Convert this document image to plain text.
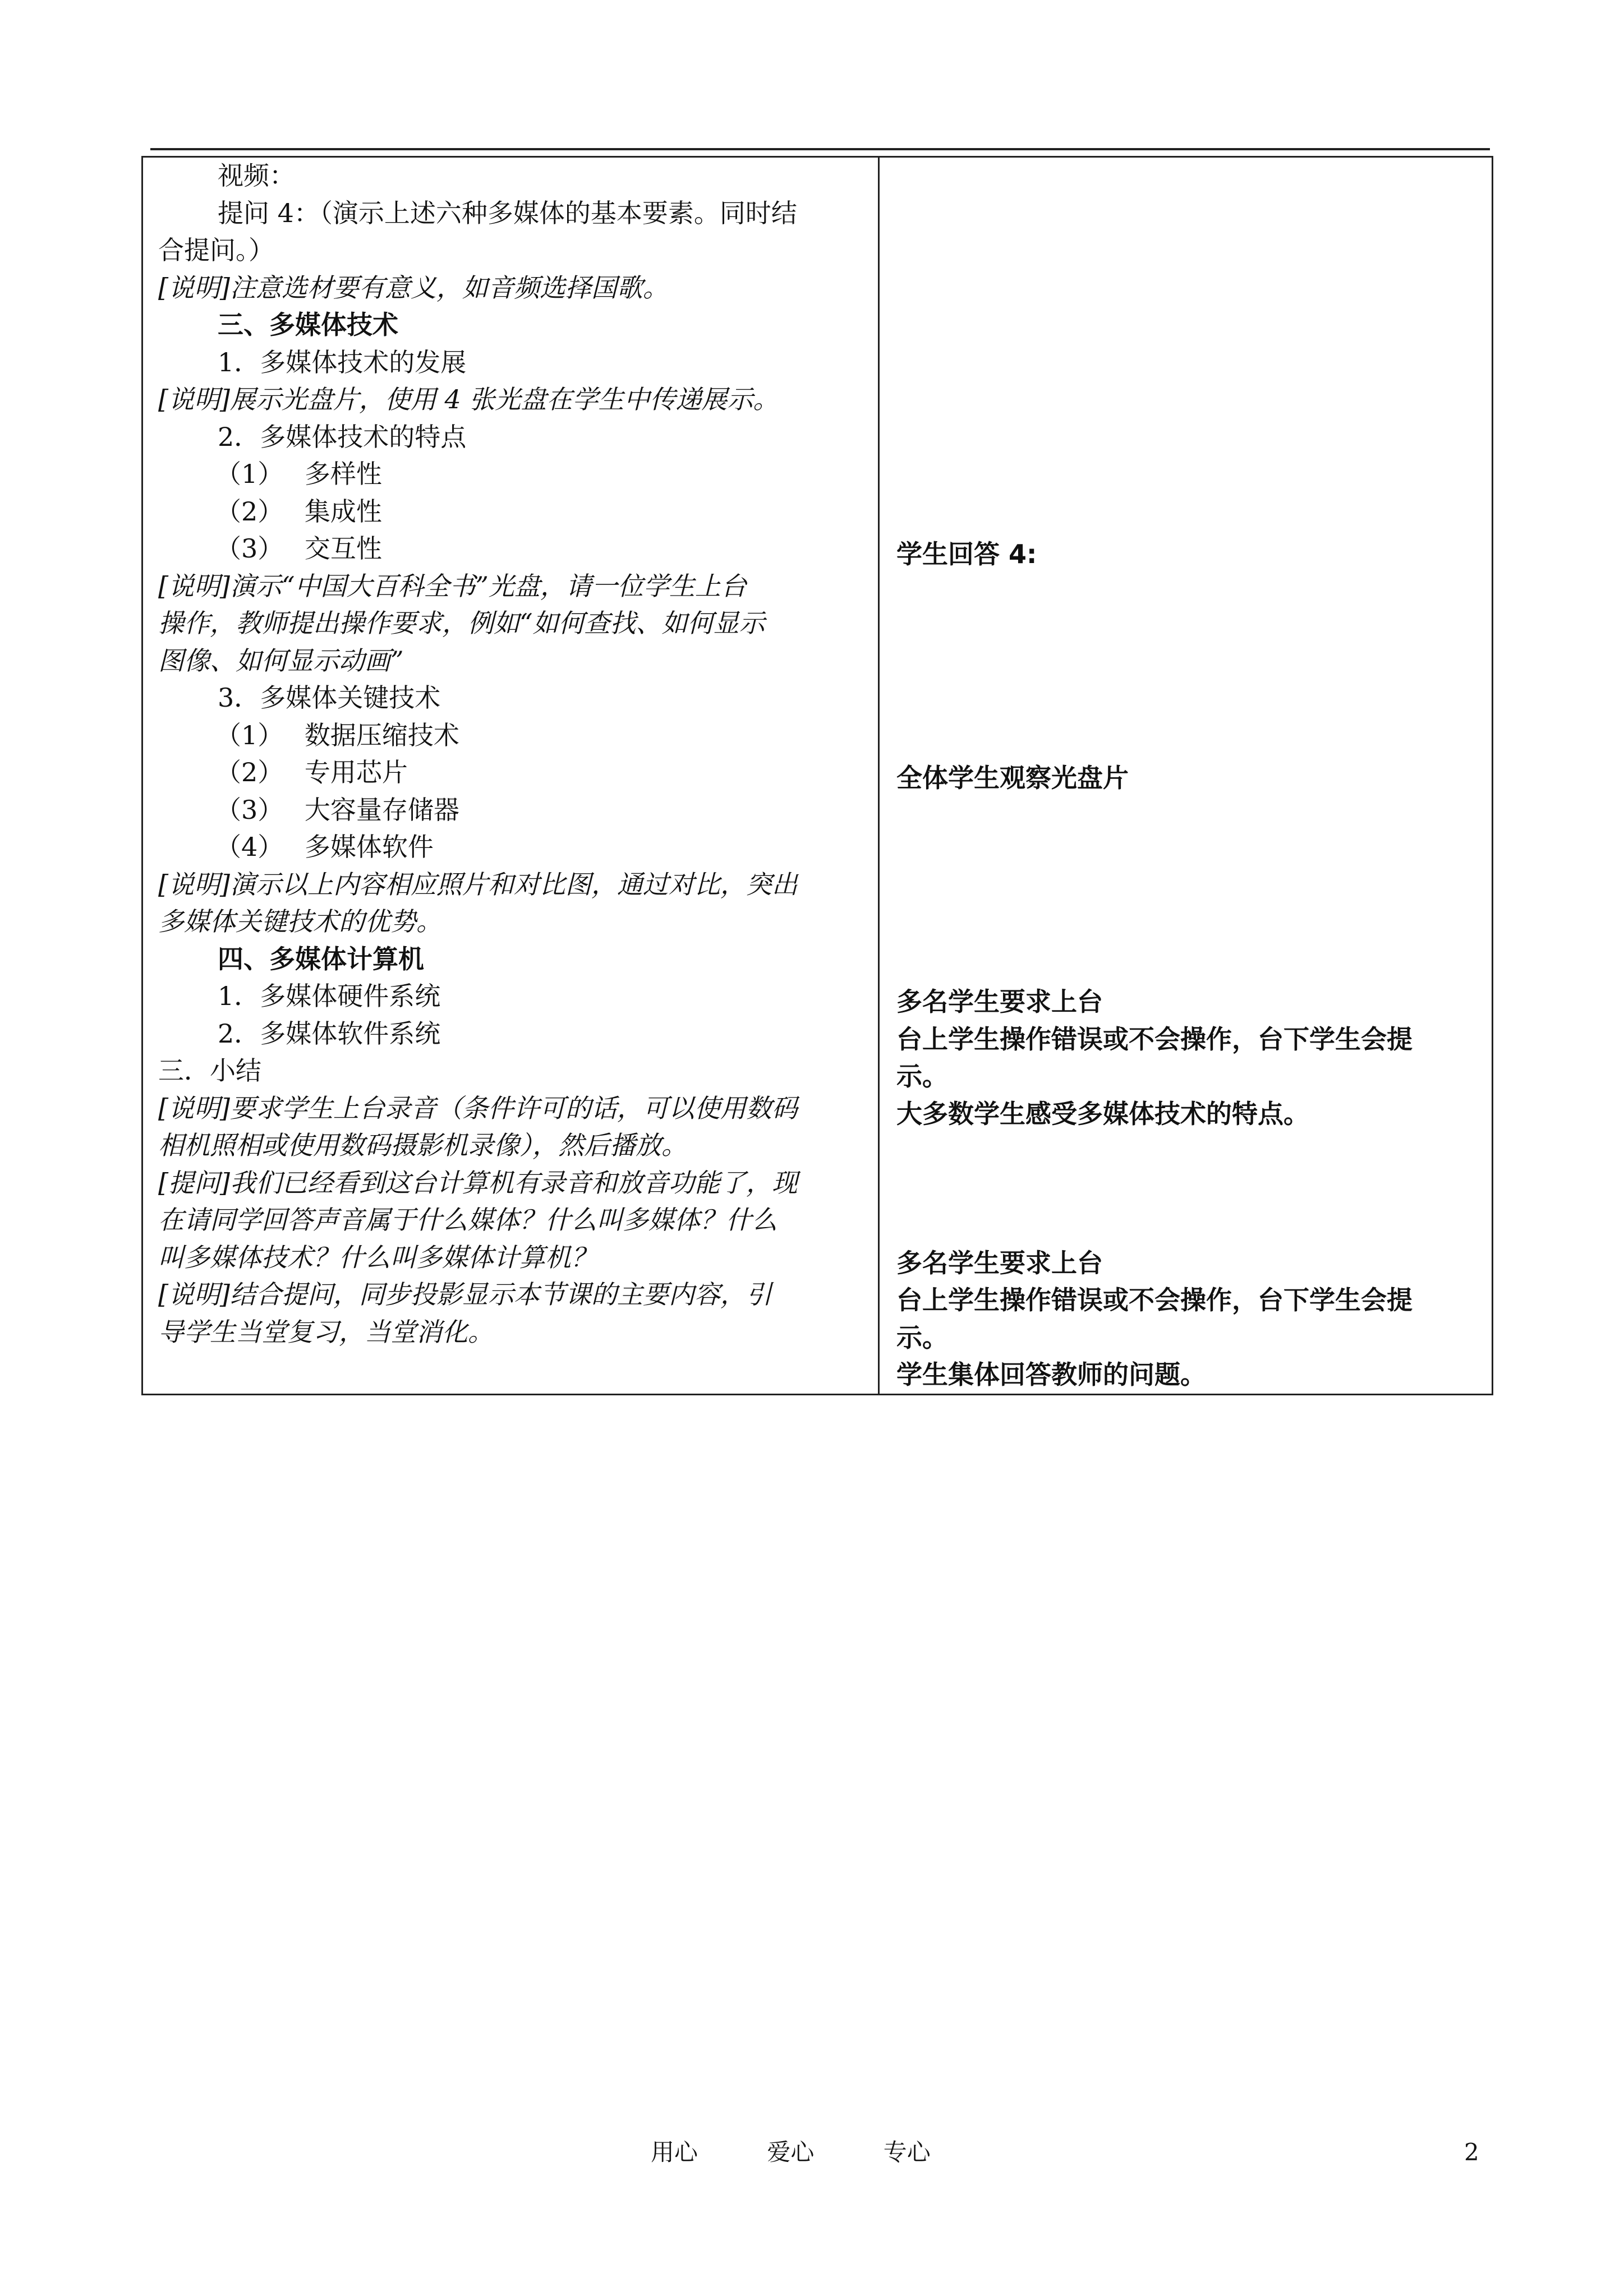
视频：
提问 4：（演示上述六种多媒体的基本要素。同时结
合提问。）
[说明]注意选材要有意义，如音频选择国歌。
三、多媒体技术
1．多媒体技术的发展
[说明]展示光盘片，使用 4 张光盘在学生中传递展示。
2．多媒体技术的特点
（1）　 多样性
（2）　 集成性
（3）　 交互性
[说明]演示“中国大百科全书”光盘，请一位学生上台
操作，教师提出操作要求，例如“如何查找、如何显示
图像、如何显示动画”
3．多媒体关键技术
（1）　 数据压缩技术
（2）　 专用芯片
（3）　 大容量存储器
（4）　 多媒体软件
[说明]演示以上内容相应照片和对比图，通过对比，突出
多媒体关键技术的优势。
四、多媒体计算机
1．多媒体硬件系统
2．多媒体软件系统
三．小结
[说明]要求学生上台录音（条件许可的话，可以使用数码
相机照相或使用数码摄影机录像），然后播放。
[提问]我们已经看到这台计算机有录音和放音功能了，现
在请同学回答声音属于什么媒体？什么叫多媒体？什么
叫多媒体技术？什么叫多媒体计算机？
[说明]结合提问，同步投影显示本节课的主要内容，引
导学生当堂复习，当堂消化。
学生回答 4:
全体学生观察光盘片
多名学生要求上台
台上学生操作错误或不会操作，台下学生会提
示。
大多数学生感受多媒体技术的特点。
多名学生要求上台
台上学生操作错误或不会操作，台下学生会提
示。
学生集体回答教师的问题。
用心	爱心	专心	2
